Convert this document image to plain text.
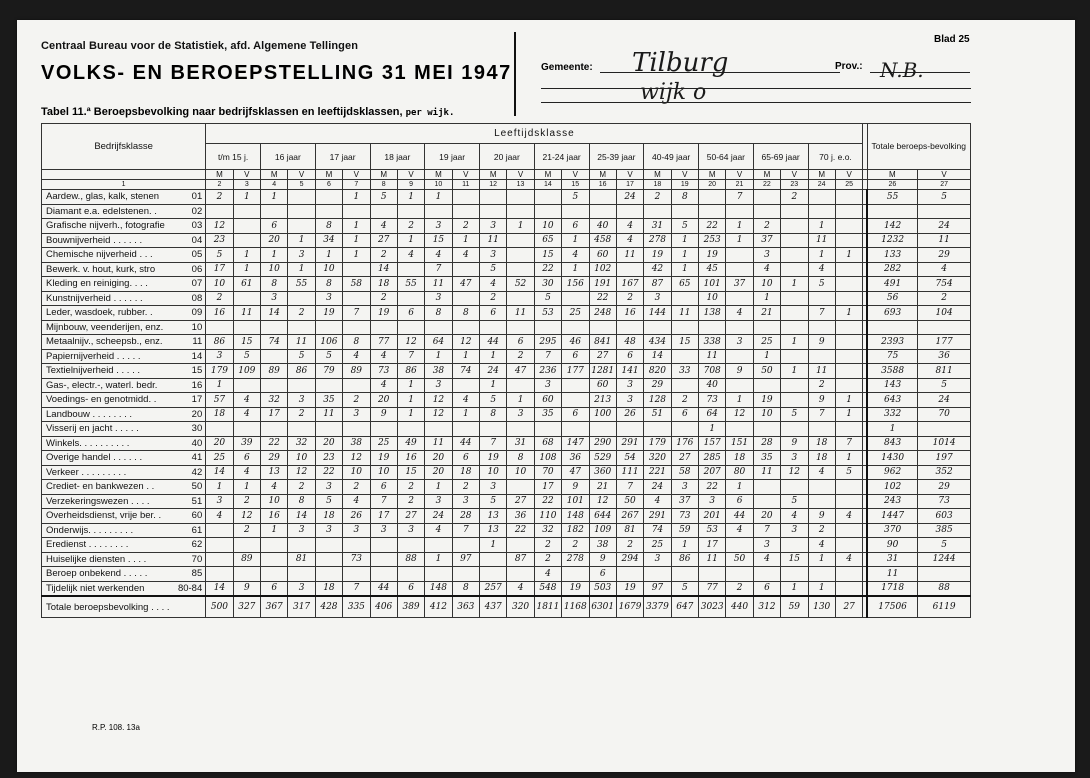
Centraal Bureau voor de Statistiek, afd. Algemene Tellingen
VOLKS- EN BEROEPSTELLING 31 MEI 1947
Blad 25
Gemeente: Tilburg
wijk o
Prov.: N.B.
Tabel 11.ª Beroepsbevolking naar bedrijfsklassen en leeftijdsklassen, per wijk.
Bedrijfsklasse	Leeftijdsklasse																									Totale beroeps-bevolking	
	t/m 15 j.		16 jaar		17 jaar		18 jaar		19 jaar		20 jaar		21-24 jaar		25-39 jaar		40-49 jaar		50-64 jaar		65-69 jaar		70 j. e.o.				
	M	V	M	V	M	V	M	V	M	V	M	V	M	V	M	V	M	V	M	V	M	V	M	V		M	V
1	2	3	4	5	6	7	8	9	10	11	12	13	14	15	16	17	18	19	20	21	22	23	24	25		26	27
Aardew., glas, kalk, stenen 01	2	1	1			1	5	1	1					5		24	2	8		7		2				55	5
Diamant e.a. edelstenen. . 02																											

Grafische nijverh., fotografie 03	12		6		8	1	4	2	3	2	3	1	10	6	40	4	31	5	22	1	2		1			142	24
Bouwnijverheid . . . . . . 04	23		20	1	34	1	27	1	15	1	11		65	1	458	4	278	1	253	1	37		11			1232	11
Chemische nijverheid . . . 05	5	1	1	3	1	1	2	4	4	4	3		15	4	60	11	19	1	19		3		1	1		133	29
Bewerk. v. hout, kurk, stro 06	17	1	10	1	10		14		7		5		22	1	102		42	1	45		4		4			282	4
Kleding en reiniging. . . . 07	10	61	8	55	8	58	18	55	11	47	4	52	30	156	191	167	87	65	101	37	10	1	5			491	754
Kunstnijverheid . . . . . . 08	2		3		3		2		3		2		5		22	2	3		10		1					56	2
Leder, wasdoek, rubber. . 09	16	11	14	2	19	7	19	6	8	8	6	11	53	25	248	16	144	11	138	4	21		7	1		693	104
Mijnbouw, veenderijen, enz. 10																											

Metaalnijv., scheepsb., enz. 11	86	15	74	11	106	8	77	12	64	12	44	6	295	46	841	48	434	15	338	3	25	1	9			2393	177
Papiernijverheid . . . . . 14	3	5		5	5	4	4	7	1	1	1	2	7	6	27	6	14		11		1					75	36
Textielnijverheid . . . . . 15	179	109	89	86	79	89	73	86	38	74	24	47	236	177	1281	141	820	33	708	9	50	1	11			3588	811
Gas-, electr.-, waterl. bedr. 16	1						4	1	3		1		3		60	3	29		40				2			143	5
Voedings- en genotmidd. . 17	57	4	32	3	35	2	20	1	12	4	5	1	60		213	3	128	2	73	1	19		9	1		643	24
Landbouw . . . . . . . . 20	18	4	17	2	11	3	9	1	12	1	8	3	35	6	100	26	51	6	64	12	10	5	7	1		332	70
Visserij en jacht . . . . . 30																			1							1	
Winkels. . . . . . . . . . 40	20	39	22	32	20	38	25	49	11	44	7	31	68	147	290	291	179	176	157	151	28	9	18	7		843	1014
Overige handel . . . . . . 41	25	6	29	10	23	12	19	16	20	6	19	8	108	36	529	54	320	27	285	18	35	3	18	1		1430	197
Verkeer . . . . . . . . . 42	14	4	13	12	22	10	10	15	20	18	10	10	70	47	360	111	221	58	207	80	11	12	4	5		962	352
Crediet- en bankwezen . . 50	1	1	4	2	3	2	6	2	1	2	3		17	9	21	7	24	3	22	1						102	29
Verzekeringswezen . . . . 51	3	2	10	8	5	4	7	2	3	3	5	27	22	101	12	50	4	37	3	6		5				243	73
Overheidsdienst, vrije ber. . 60	4	12	16	14	18	26	17	27	24	28	13	36	110	148	644	267	291	73	201	44	20	4	9	4		1447	603
Onderwijs. . . . . . . . . 61		2	1	3	3	3	3	3	4	7	13	22	32	182	109	81	74	59	53	4	7	3	2			370	385
Eredienst . . . . . . . . 62											1		2	2	38	2	25	1	17		3		4			90	5
Huiselijke diensten . . . . 70		89		81		73		88	1	97		87	2	278	9	294	3	86	11	50	4	15	1	4		31	1244
Beroep onbekend . . . . . 85													4		6											11	
Tijdelijk niet werkenden 80-84	14	9	6	3	18	7	44	6	148	8	257	4	548	19	503	19	97	5	77	2	6	1	1			1718	88
Totale beroepsbevolking . . . .	500	327	367	317	428	335	406	389	412	363	437	320	1811	1168	6301	1679	3379	647	3023	440	312	59	130	27		17506	6119
R.P. 108. 13a
